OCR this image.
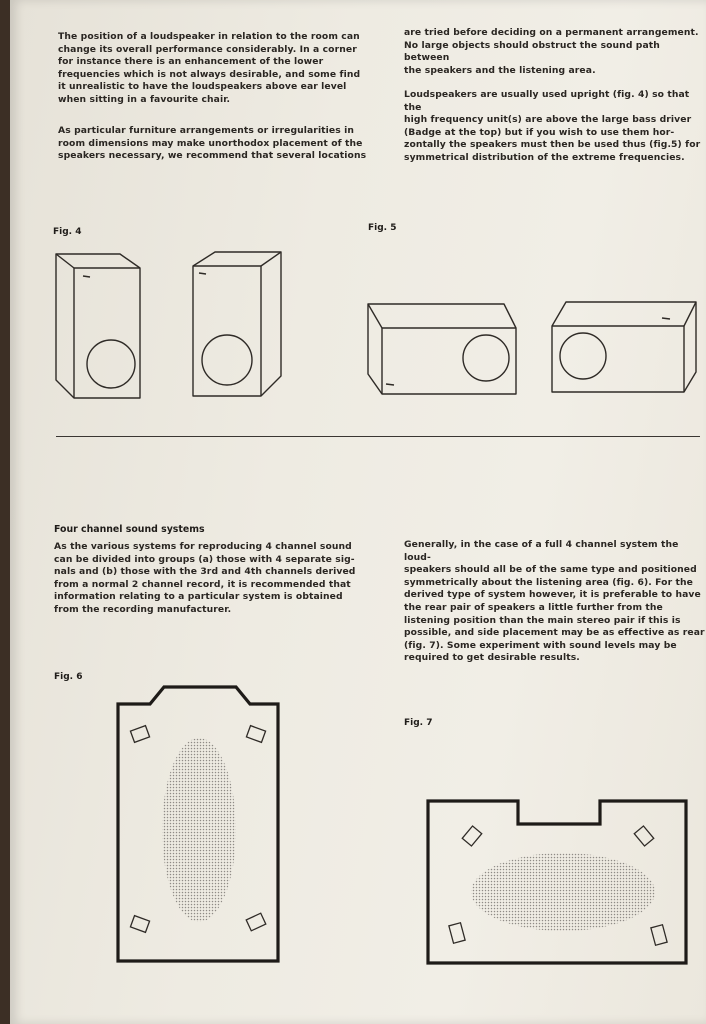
The position of a loudspeaker in relation to the room can
change its overall performance considerably. In a corner
for instance there is an enhancement of the lower
frequencies which is not always desirable, and some find
it unrealistic to have the loudspeakers above ear level
when sitting in a favourite chair.

As particular furniture arrangements or irregularities in
room dimensions may make unorthodox placement of the
speakers necessary, we recommend that several locations

are tried before deciding on a permanent arrangement.
No large objects should obstruct the sound path between
the speakers and the listening area.

Loudspeakers are usually used upright (fig. 4) so that the
high frequency unit(s) are above the large bass driver
(Badge at the top) but if you wish to use them hor-
zontally the speakers must then be used thus (fig.5) for
symmetrical distribution of the extreme frequencies.

Fig. 4	Fig. 5
Four channel sound systems

As the various systems for reproducing 4 channel sound
can be divided into groups (a) those with 4 separate sig-
nals and (b) those with the 3rd and 4th channels derived
from a normal 2 channel record, it is recommended that
information relating to a particular system is obtained
from the recording manufacturer.

Generally, in the case of a full 4 channel system the loud-
speakers should all be of the same type and positioned
symmetrically about the listening area (fig. 6). For the
derived type of system however, it is preferable to have
the rear pair of speakers a little further from the
listening position than the main stereo pair if this is
possible, and side placement may be as effective as rear
(fig. 7). Some experiment with sound levels may be
required to get desirable results.

Fig. 6
Fig. 7
